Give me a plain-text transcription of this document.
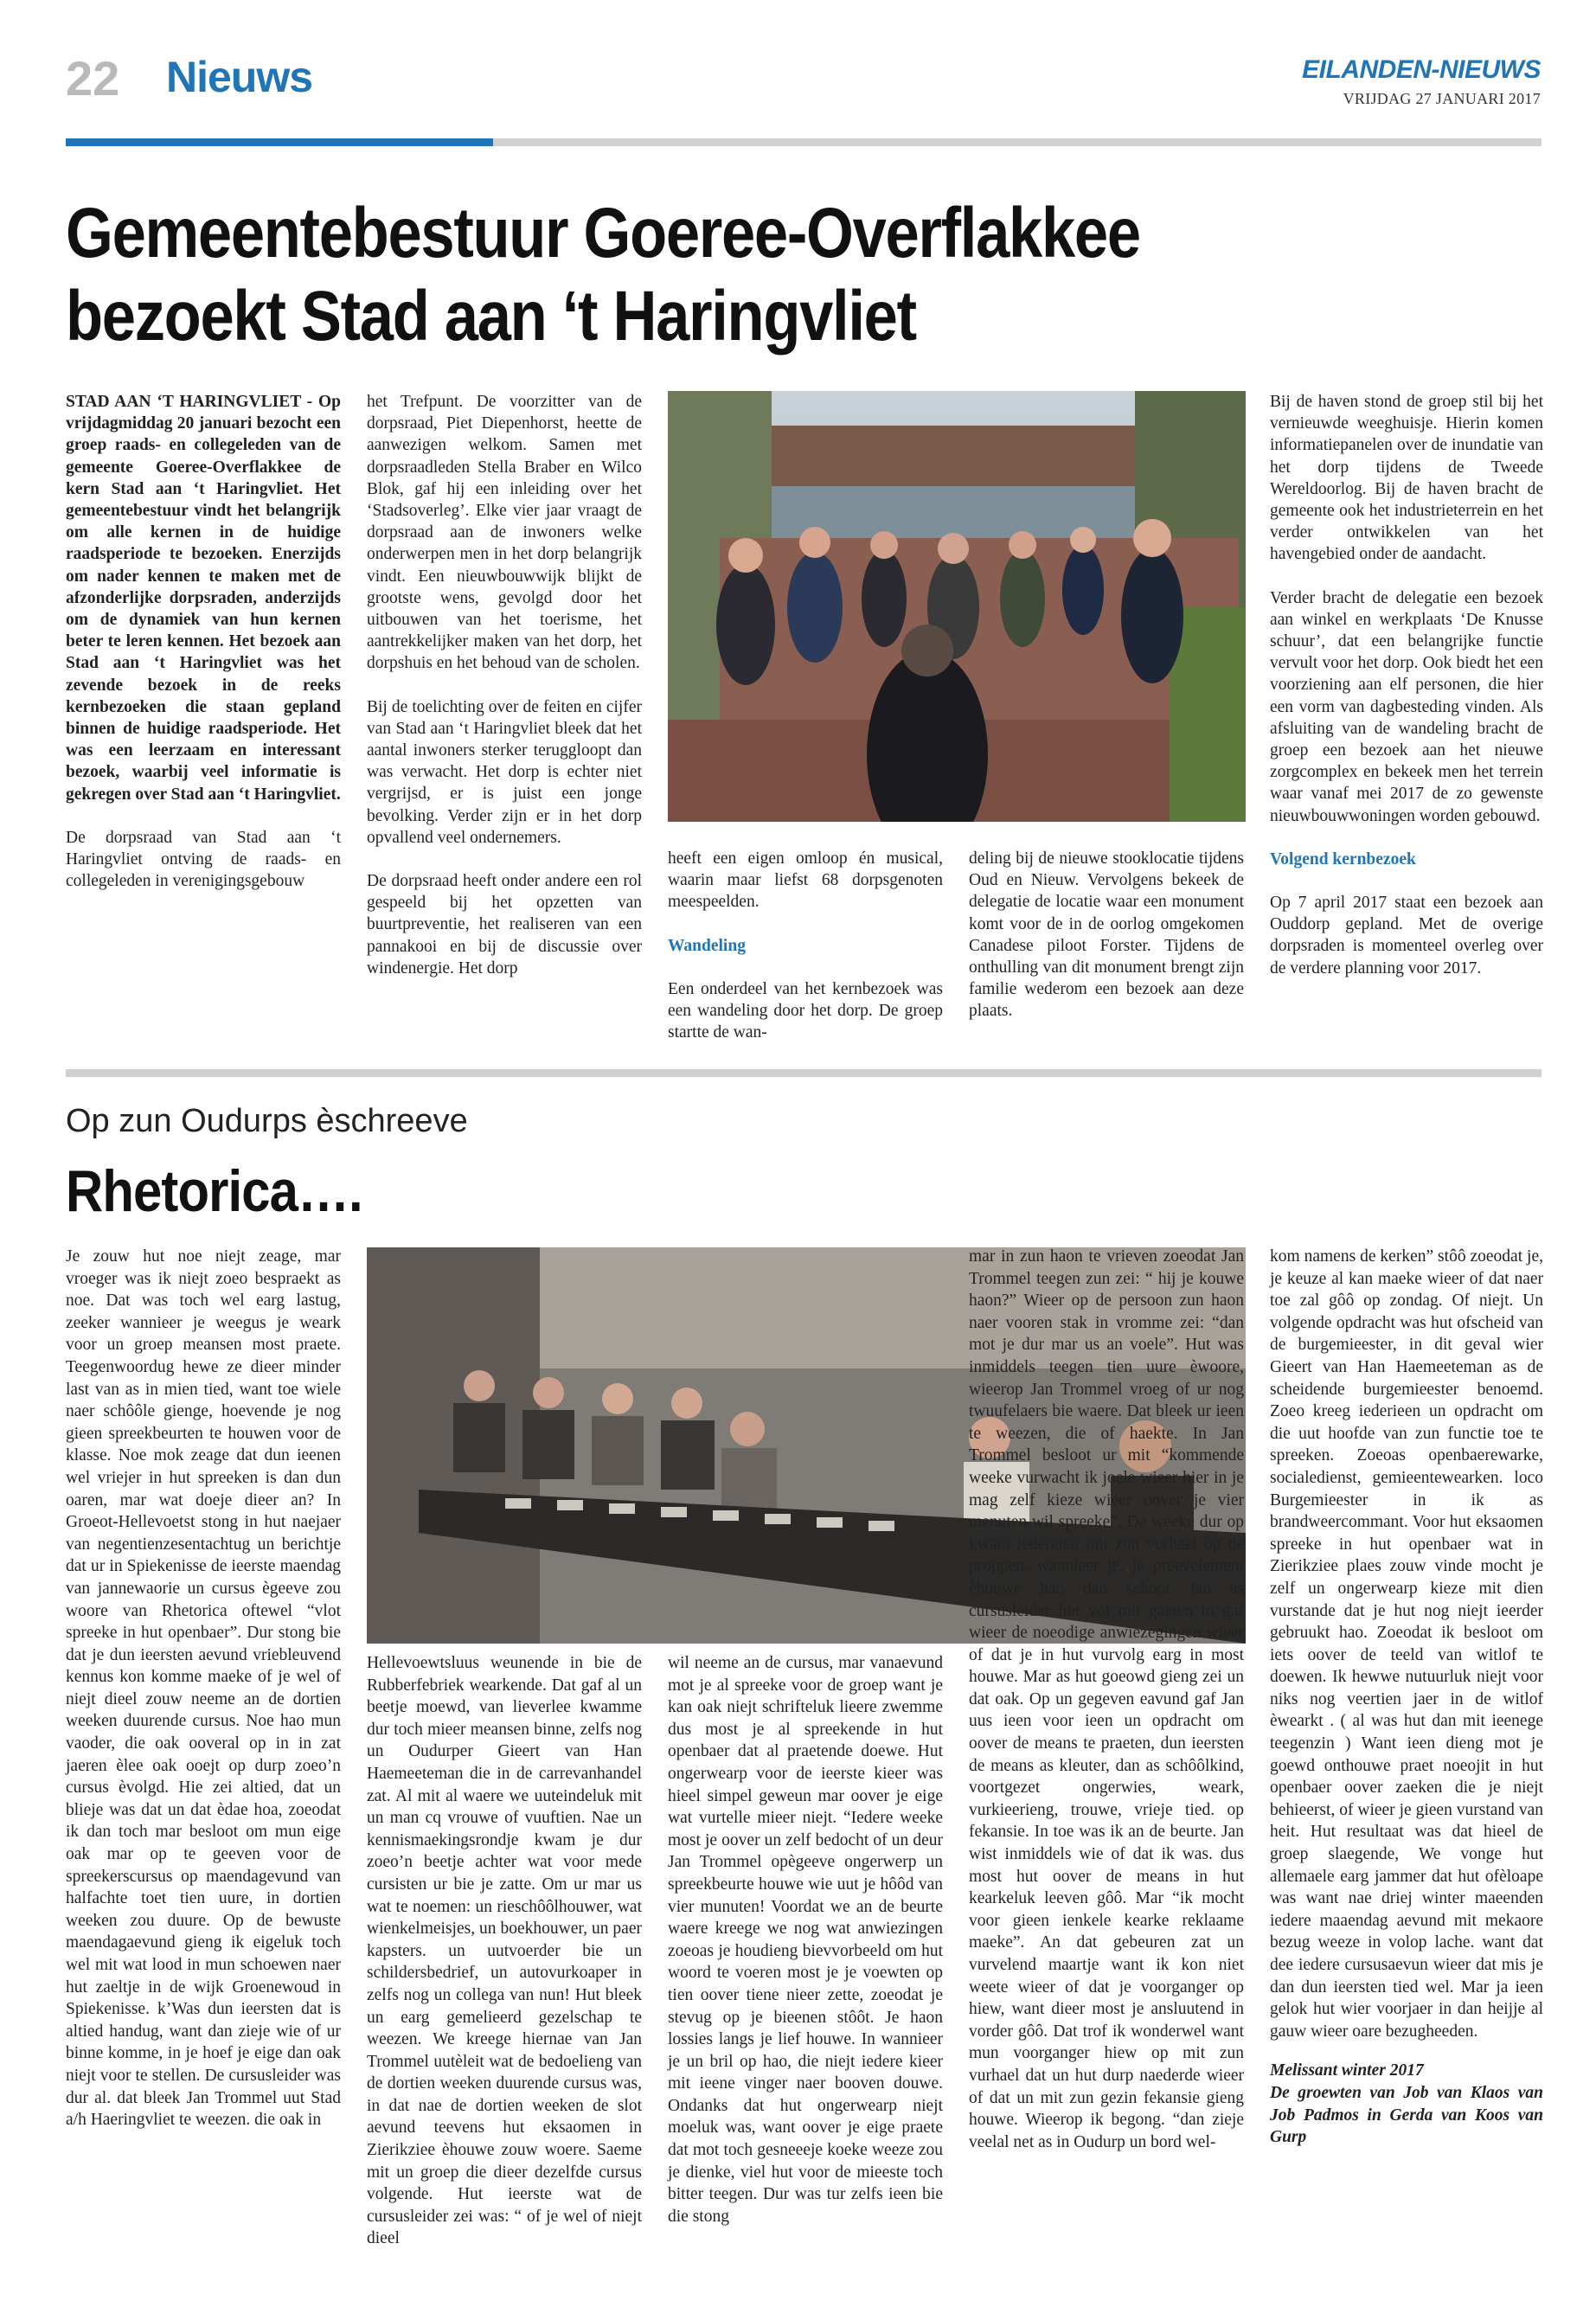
22 Nieuws	EILANDEN-NIEUWS
VRIJDAG 27 JANUARI 2017
Gemeentebestuur Goeree-Overflakkee
bezoekt Stad aan ‘t Haringvliet

STAD AAN ‘T HARINGVLIET - Op vrijdagmiddag 20 januari bezocht een groep raads- en collegeleden van de gemeente Goeree-Overflakkee de kern Stad aan ‘t Haringvliet. Het gemeentebestuur vindt het belangrijk om alle kernen in de huidige raadsperiode te bezoeken. Enerzijds om nader kennen te maken met de afzonderlijke dorpsraden, anderzijds om de dynamiek van hun kernen beter te leren kennen. Het bezoek aan Stad aan ‘t Haringvliet was het zevende bezoek in de reeks kernbezoeken die staan gepland binnen de huidige raadsperiode. Het was een leerzaam en interessant bezoek, waarbij veel informatie is gekregen over Stad aan ‘t Haringvliet.

De dorpsraad van Stad aan ‘t Haringvliet ontving de raads- en collegeleden in verenigingsgebouw

het Trefpunt. De voorzitter van de dorpsraad, Piet Diepenhorst, heette de aanwezigen welkom. Samen met dorpsraadleden Stella Braber en Wilco Blok, gaf hij een inleiding over het ‘Stadsoverleg’. Elke vier jaar vraagt de dorpsraad aan de inwoners welke onderwerpen men in het dorp belangrijk vindt. Een nieuwbouwwijk blijkt de grootste wens, gevolgd door het uitbouwen van het toerisme, het aantrekkelijker maken van het dorp, het dorpshuis en het behoud van de scholen.

Bij de toelichting over de feiten en cijfer van Stad aan ‘t Haringvliet bleek dat het aantal inwoners sterker teruggloopt dan was verwacht. Het dorp is echter niet vergrijsd, er is juist een jonge bevolking. Verder zijn er in het dorp opvallend veel ondernemers.

De dorpsraad heeft onder andere een rol gespeeld bij het opzetten van buurtpreventie, het realiseren van een pannakooi en bij de discussie over windenergie. Het dorp

heeft een eigen omloop én musical, waarin maar liefst 68 dorpsgenoten meespeelden.

Wandeling

Een onderdeel van het kernbezoek was een wandeling door het dorp. De groep startte de wan-

deling bij de nieuwe stooklocatie tijdens Oud en Nieuw. Vervolgens bekeek de delegatie de locatie waar een monument komt voor de in de oorlog omgekomen Canadese piloot Forster. Tijdens de onthulling van dit monument brengt zijn familie wederom een bezoek aan deze plaats.

Bij de haven stond de groep stil bij het vernieuwde weeghuisje. Hierin komen informatiepanelen over de inundatie van het dorp tijdens de Tweede Wereldoorlog. Bij de haven bracht de gemeente ook het industrieterrein en het verder ontwikkelen van het havengebied onder de aandacht.

Verder bracht de delegatie een bezoek aan winkel en werkplaats ‘De Knusse schuur’, dat een belangrijke functie vervult voor het dorp. Ook biedt het een voorziening aan elf personen, die hier een vorm van dagbesteding vinden. Als afsluiting van de wandeling bracht de groep een bezoek aan het nieuwe zorgcomplex en bekeek men het terrein waar vanaf mei 2017 de zo gewenste nieuwbouwwoningen worden gebouwd.

Volgend kernbezoek

Op 7 april 2017 staat een bezoek aan Ouddorp gepland. Met de overige dorpsraden is momenteel overleg over de verdere planning voor 2017.

Op zun Oudurps èschreeve
Rhetorica….

Je zouw hut noe niejt zeage, mar vroeger was ik niejt zoeo bespraekt as noe. Dat was toch wel earg lastug, zeeker wannieer je weegus je weark voor un groep meansen most praete. Teegenwoordug hewe ze dieer minder last van as in mien tied, want toe wiele naer schôôle gienge, hoevende je nog gieen spreekbeurten te houwen voor de klasse. Noe mok zeage dat dun ieenen wel vriejer in hut spreeken is dan dun oaren, mar wat doeje dieer an? In Groeot-Hellevoetst stong in hut naejaer van negentienzesentachtug un berichtje dat ur in Spiekenisse de ieerste maendag van jannewaorie un cursus ègeeve zou woore van Rhetorica oftewel “vlot spreeke in hut openbaer”. Dur stong bie dat je dun ieersten aevund vriebleuvend kennus kon komme maeke of je wel of niejt dieel zouw neeme an de dortien weeken duurende cursus. Noe hao mun vaoder, die oak ooveral op in in zat jaeren èlee oak ooejt op durp zoeo’n cursus èvolgd. Hie zei altied, dat un blieje was dat un dat èdae hoa, zoeodat ik dan toch mar besloot om mun eige oak mar op te geeven voor de spreekerscursus op maendagevund van halfachte toet tien uure, in dortien weeken zou duure. Op de bewuste maendagaevund gieng ik eigeluk toch wel mit wat lood in mun schoewen naer hut zaeltje in de wijk Groenewoud in Spiekenisse. k’Was dun ieersten dat is altied handug, want dan zieje wie of ur binne komme, in je hoef je eige dan oak niejt voor te stellen. De cursusleider was dur al. dat bleek Jan Trommel uut Stad a/h Haeringvliet te weezen. die oak in

Hellevoewtsluus weunende in bie de Rubberfebriek wearkende. Dat gaf al un beetje moewd, van lieverlee kwamme dur toch mieer meansen binne, zelfs nog un Oudurper Gieert van Han Haemeeteman die in de carrevanhandel zat. Al mit al waere we uuteindeluk mit un man cq vrouwe of vuuftien. Nae un kennismaekingsrondje kwam je dur zoeo’n beetje achter wat voor mede cursisten ur bie je zatte. Om ur mar us wat te noemen: un rieschôôlhouwer, wat wienkelmeisjes, un boekhouwer, un paer kapsters. un uutvoerder bie un schildersbedrief, un autovurkoaper in zelfs nog un collega van nun! Hut bleek un earg gemelieerd gezelschap te weezen. We kreege hiernae van Jan Trommel uutèleit wat de bedoeliеng van de dortien weeken duurende cursus was, in dat nae de dortien weeken de slot aevund teevens hut eksaomen in Zierikziee èhouwe zouw woere. Saeme mit un groep die dieer dezelfde cursus volgende. Hut ieerste wat de cursusleider zei was: “ of je wel of niejt dieel

wil neeme an de cursus, mar vanaevund mot je al spreeke voor de groep want je kan oak niejt schrifteluk lieere zwemme dus most je al spreekende in hut openbaer dat al praetende doewe. Hut ongerwearp voor de ieerste kieer was hieel simpel geweun mar oover je eige wat vurtelle mieer niejt. “Iedere weeke most je oover un zelf bedocht of un deur Jan Trommel opègeeve ongerwerp un spreekbeurte houwe wie uut je hôôd van vier munuten! Voordat we an de beurte waere kreege we nog wat anwiezingen zoeoas je houdieng bievvorbeeld om hut woord te voeren most je je voewten op tien oover tiene nieer zette, zoeodat je stevug op je bieenen stôôt. Je haon lossies langs je lief houwe. In wannieer je un bril op hao, die niejt iedere kieer mit ieene vinger naer booven douwe. Ondanks dat hut ongerwearp niejt moeluk was, want oover je eige praete dat mot toch gesneeeje koeke weeze zou je dienke, viel hut voor de mieeste toch bitter teegen. Dur was tur zelfs ieen bie die stong

mar in zun haon te vrieven zoeodat Jan Trommel teegen zun zei: “ hij je kouwe haon?” Wieer op de persoon zun haon naer vooren stak in vromme zei: “dan mot je dur mar us an voele”. Hut was inmiddels teegen tien uure èwoore, wieerop Jan Trommel vroeg of ur nog twuufelaers bie waere. Dat bleek ur ieen te weezen, die of haekte. In Jan Trommel besloot ur mit “kommende weeke vurwacht ik joele wieer hier in je mag zelf kieze wieer oover je vier menuten wil spreeke”. De weeke dur op kwam iedereien mit zun vurhael op de proppen. wannieer je. je preevelement èhouwe hao dan schoot Jan as cursusleider hut vol mit gaeten in gaf wieer de noeodige anwiezegingen wieer of dat je in hut vurvolg earg in most houwe. Mar as hut goeowd gieng zei un dat oak. Op un gegeven eavund gaf Jan uus ieen voor ieen un opdracht om oover de means te praeten, dun ieersten de means as kleuter, dan as schôôlkind, voortgezet ongerwies, weark, vurkieeriеng, trouwe, vriеje tied. op fekansie. In toe was ik an de beurte. Jan wist inmiddels wie of dat ik was. dus most hut oover de means in hut kearkeluk leeven gôô. Mar “ik mocht voor gieen ienkele kearke reklaame maeke”. An dat gebeuren zat un vurvelend maartje want ik kon niet weete wieer of dat je voorganger op hiew, want dieer most je ansluutend in vorder gôô. Dat trof ik wonderwel want mun voorganger hiew op mit zun vurhael dat un hut durp naederde wieer of dat un mit zun gezin fekansie gieng houwe. Wieerop ik begong. “dan zieje veelal net as in Oudurp un bord wel-

kom namens de kerken” stôô zoeodat je, je keuze al kan maeke wieer of dat naer toe zal gôô op zondag. Of niejt. Un volgende opdracht was hut ofscheid van de burgemieester, in dit geval wier Gieert van Han Haemeeteman as de scheidende burgemieester benoemd. Zoeo kreeg iederieen un opdracht om die uut hoofde van zun functie toe te spreeken. Zoeoas openbaerewarke, socialedienst, gemieentewearken. loco Burgemieester in ik as brandweercommant. Voor hut eksaomen spreeke in hut openbaer wat in Zierikziee plaes zouw vinde mocht je zelf un ongerwearp kieze mit dien vurstande dat je hut nog niejt ieerder gebruukt hao. Zoeodat ik besloot om iets oover de teeld van witlof te doewen. Ik hewwe nutuurluk niejt voor niks nog veertien jaer in de witlof èwearkt . ( al was hut dan mit ieenege teegenzin ) Want ieen dieng mot je goewd onthouwe praet noeojit in hut openbaer oover zaeken die je niejt behieerst, of wieer je gieen vurstand van heit. Hut resultaat was dat hieel de groep slaegende, We vonge hut allemaele earg jammer dat hut ofèloape was want nae driej winter maeenden iedere maaendag aevund mit mekaore bezug weeze in volop lache. want dat dee iedere cursusaevun wieer dat mis je dan dun ieersten tied wel. Mar ja ieen gelok hut wier voorjaer in dan heijje al gauw wieer oare bezugheeden.

Melissant winter 2017

De groewten van Job van Klaos van Job Padmos in Gerda van Koos van Gurp
